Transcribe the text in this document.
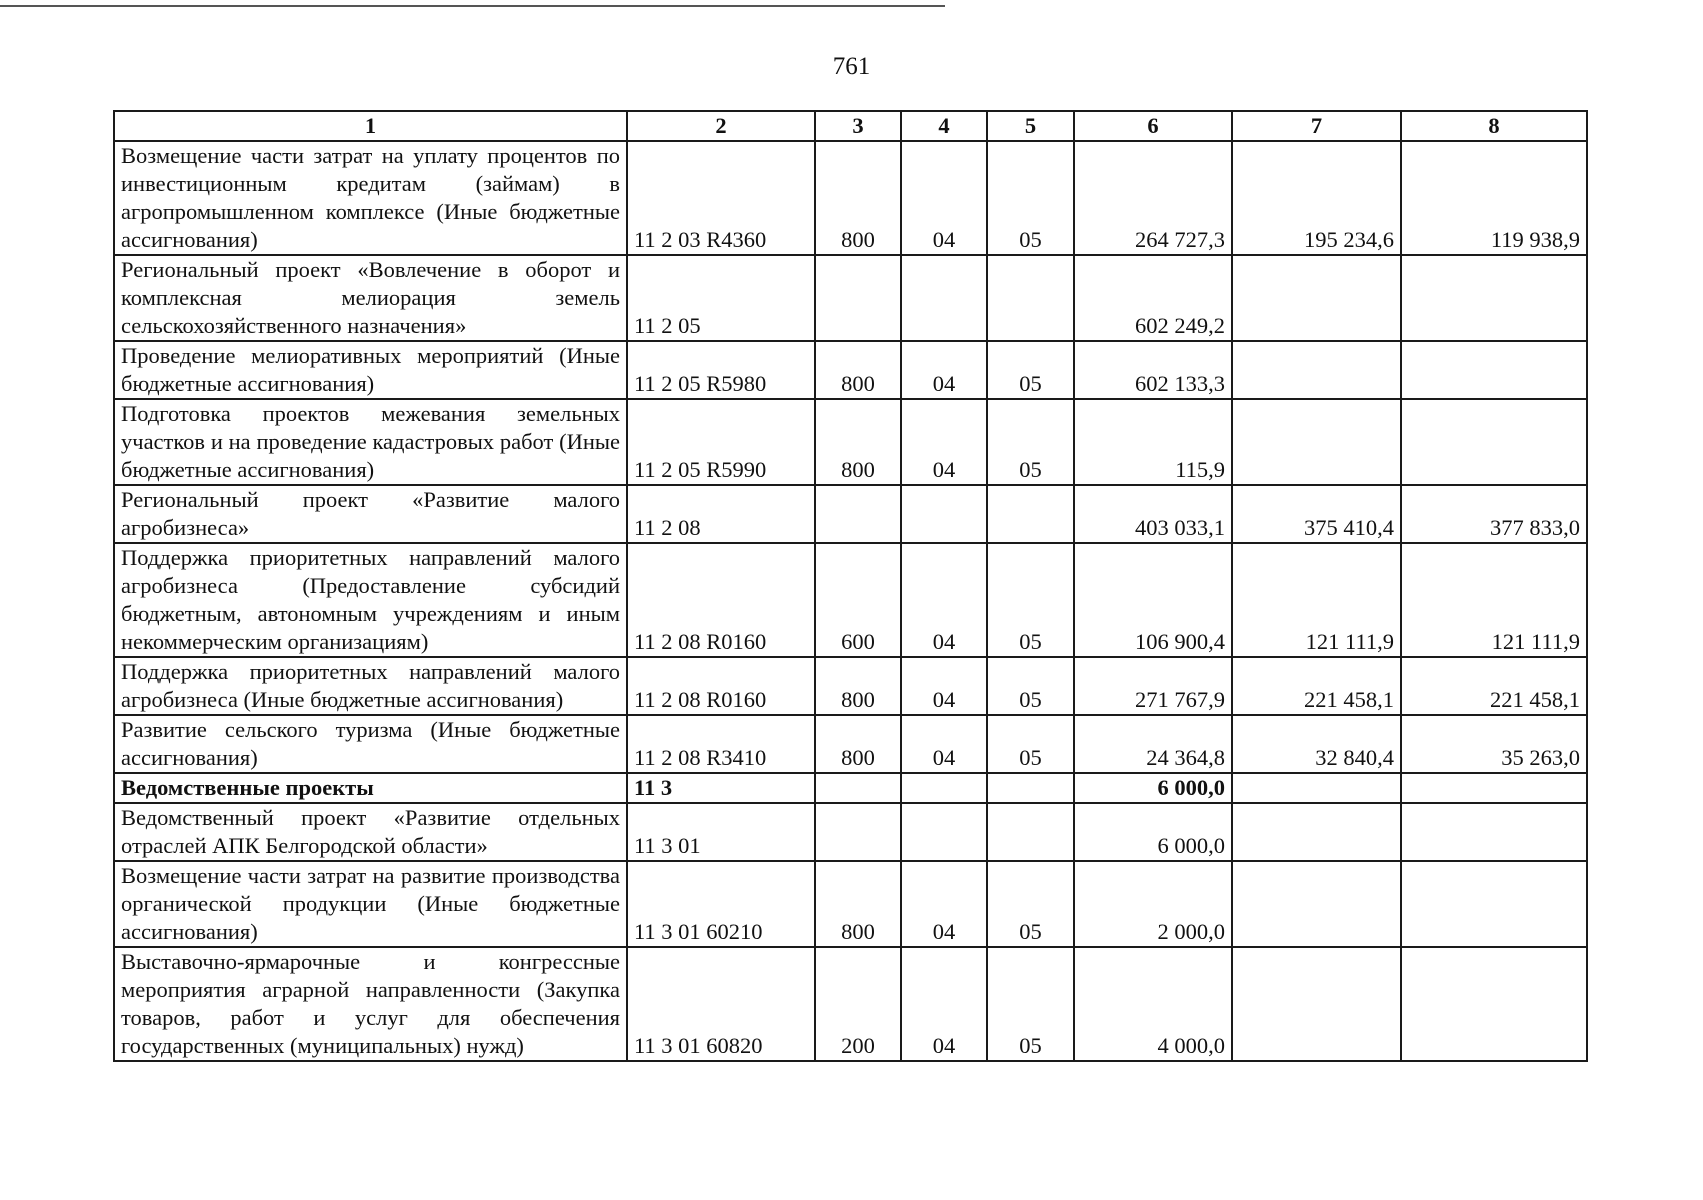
761
1	2	3	4	5	6	7	8
Возмещение части затрат на уплату процентов по инвестиционным кредитам (займам) в агропромышленном комплексе (Иные бюджетные ассигнования)	11 2 03 R4360	800	04	05	264 727,3	195 234,6	119 938,9
Региональный проект «Вовлечение в оборот и комплексная мелиорация земель сельскохозяйственного назначения»	11 2 05				602 249,2		
Проведение мелиоративных мероприятий (Иные бюджетные ассигнования)	11 2 05 R5980	800	04	05	602 133,3		
Подготовка проектов межевания земельных участков и на проведение кадастровых работ (Иные бюджетные ассигнования)	11 2 05 R5990	800	04	05	115,9		
Региональный проект «Развитие малого агробизнеса»	11 2 08				403 033,1	375 410,4	377 833,0
Поддержка приоритетных направлений малого агробизнеса (Предоставление субсидий бюджетным, автономным учреждениям и иным некоммерческим организациям)	11 2 08 R0160	600	04	05	106 900,4	121 111,9	121 111,9
Поддержка приоритетных направлений малого агробизнеса (Иные бюджетные ассигнования)	11 2 08 R0160	800	04	05	271 767,9	221 458,1	221 458,1
Развитие сельского туризма (Иные бюджетные ассигнования)	11 2 08 R3410	800	04	05	24 364,8	32 840,4	35 263,0
Ведомственные проекты	11 3				6 000,0		
Ведомственный проект «Развитие отдельных отраслей АПК Белгородской области»	11 3 01				6 000,0		
Возмещение части затрат на развитие производства органической продукции (Иные бюджетные ассигнования)	11 3 01 60210	800	04	05	2 000,0		
Выставочно-ярмарочные и конгрессные мероприятия аграрной направленности (Закупка товаров, работ и услуг для обеспечения государственных (муниципальных) нужд)	11 3 01 60820	200	04	05	4 000,0		
